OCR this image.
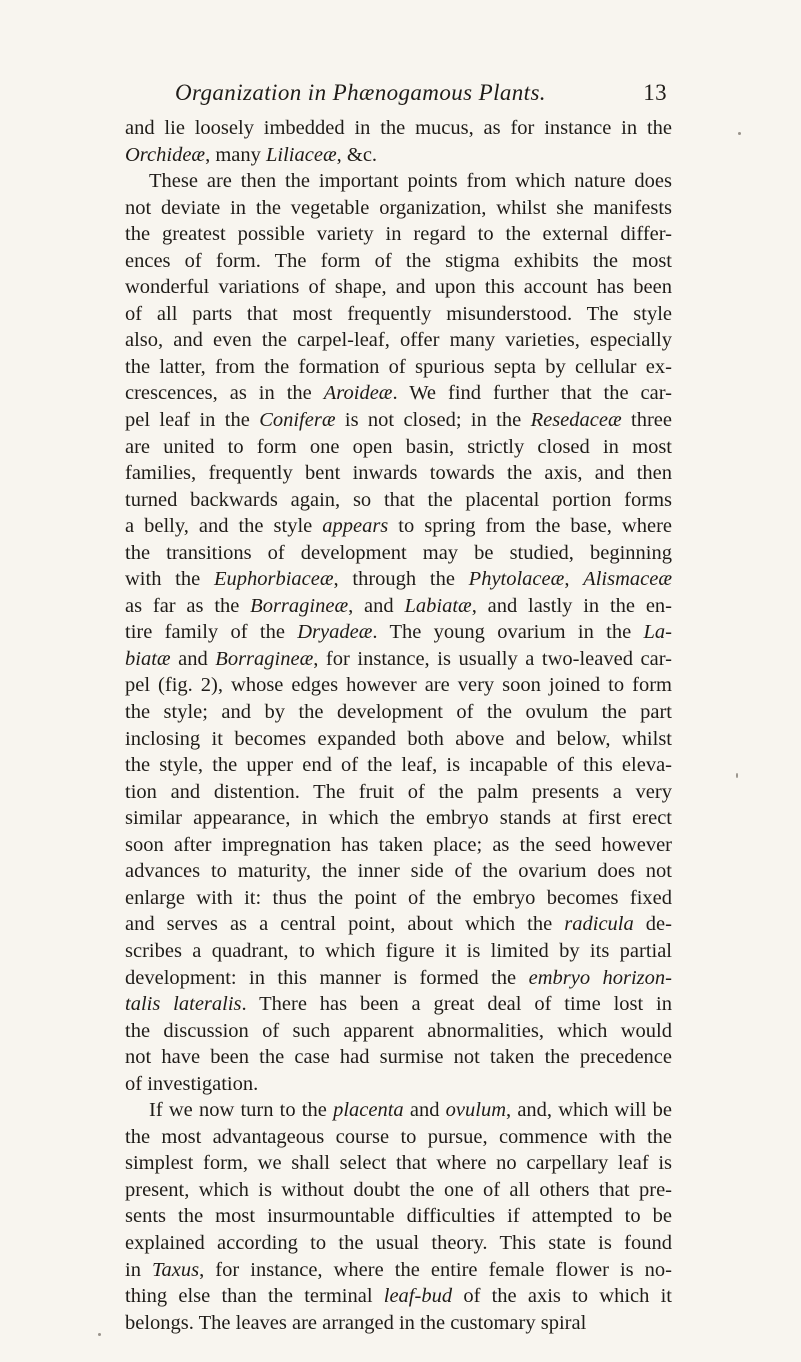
Organization in Phænogamous Plants.	13
and lie loosely imbedded in the mucus, as for instance in the
Orchideæ, many Liliaceæ, &c.
These are then the important points from which nature does
not deviate in the vegetable organization, whilst she manifests
the greatest possible variety in regard to the external differ-
ences of form. The form of the stigma exhibits the most
wonderful variations of shape, and upon this account has been
of all parts that most frequently misunderstood. The style
also, and even the carpel-leaf, offer many varieties, especially
the latter, from the formation of spurious septa by cellular ex-
crescences, as in the Aroideæ. We find further that the car-
pel leaf in the Coniferæ is not closed; in the Resedaceæ three
are united to form one open basin, strictly closed in most
families, frequently bent inwards towards the axis, and then
turned backwards again, so that the placental portion forms
a belly, and the style appears to spring from the base, where
the transitions of development may be studied, beginning
with the Euphorbiaceæ, through the Phytolaceæ, Alismaceæ
as far as the Borragineæ, and Labiatæ, and lastly in the en-
tire family of the Dryadeæ. The young ovarium in the La-
biatæ and Borragineæ, for instance, is usually a two-leaved car-
pel (fig. 2), whose edges however are very soon joined to form
the style; and by the development of the ovulum the part
inclosing it becomes expanded both above and below, whilst
the style, the upper end of the leaf, is incapable of this eleva-
tion and distention. The fruit of the palm presents a very
similar appearance, in which the embryo stands at first erect
soon after impregnation has taken place; as the seed however
advances to maturity, the inner side of the ovarium does not
enlarge with it: thus the point of the embryo becomes fixed
and serves as a central point, about which the radicula de-
scribes a quadrant, to which figure it is limited by its partial
development: in this manner is formed the embryo horizon-
talis lateralis. There has been a great deal of time lost in
the discussion of such apparent abnormalities, which would
not have been the case had surmise not taken the precedence
of investigation.
If we now turn to the placenta and ovulum, and, which will be
the most advantageous course to pursue, commence with the
simplest form, we shall select that where no carpellary leaf is
present, which is without doubt the one of all others that pre-
sents the most insurmountable difficulties if attempted to be
explained according to the usual theory. This state is found
in Taxus, for instance, where the entire female flower is no-
thing else than the terminal leaf-bud of the axis to which it
belongs. The leaves are arranged in the customary spiral
